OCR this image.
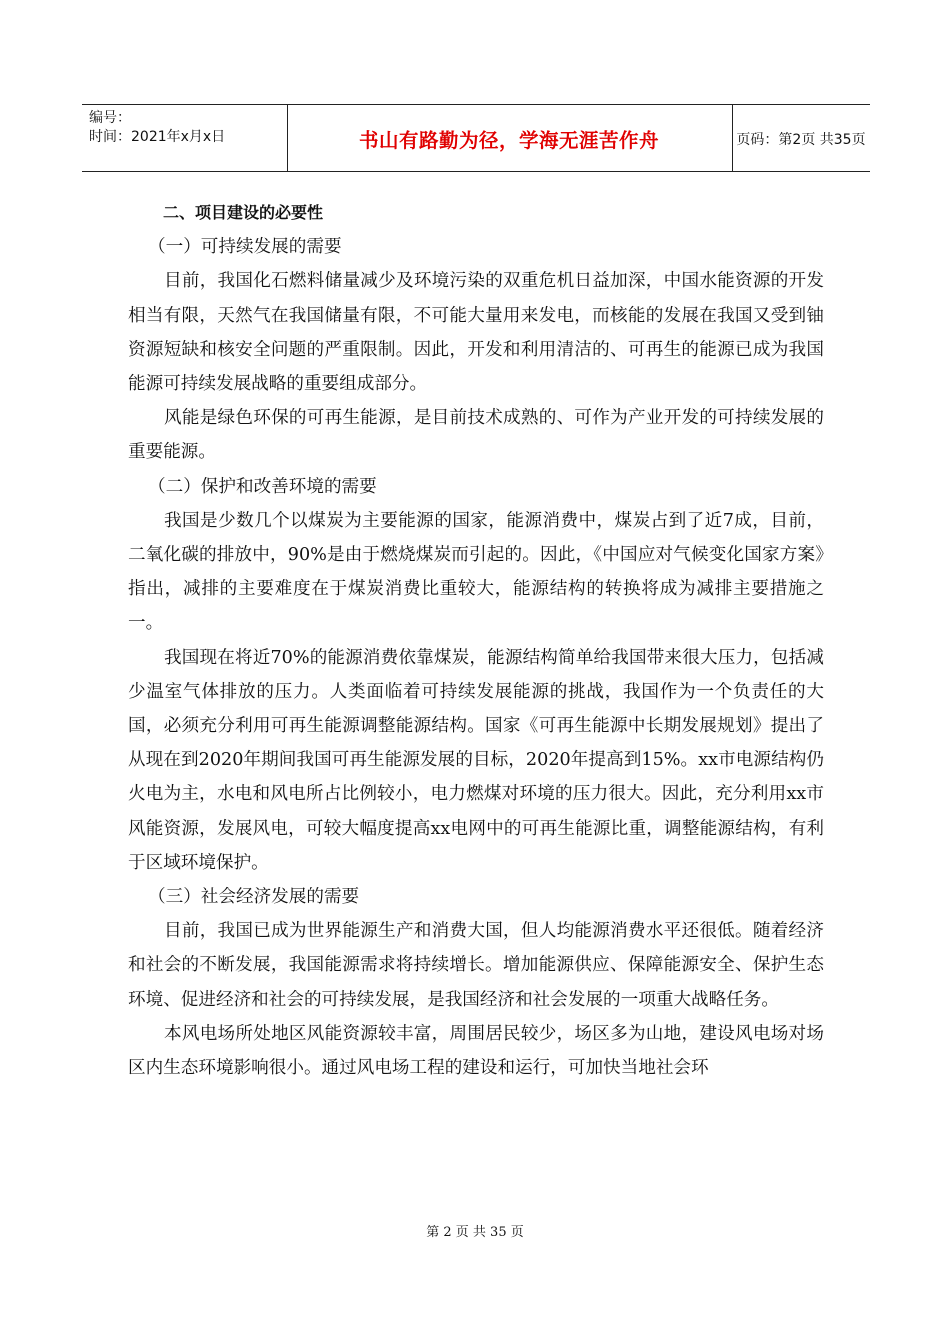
编号：
时间：2021年x月x日	书山有路勤为径，学海无涯苦作舟	页码：第2页 共35页

二、项目建设的必要性

（一）可持续发展的需要

目前，我国化石燃料储量减少及环境污染的双重危机日益加深，中国水能资源的开发相当有限，天然气在我国储量有限，不可能大量用来发电，而核能的发展在我国又受到铀资源短缺和核安全问题的严重限制。因此，开发和利用清洁的、可再生的能源已成为我国能源可持续发展战略的重要组成部分。

风能是绿色环保的可再生能源，是目前技术成熟的、可作为产业开发的可持续发展的重要能源。

（二）保护和改善环境的需要

我国是少数几个以煤炭为主要能源的国家，能源消费中，煤炭占到了近7成，目前，二氧化碳的排放中，90%是由于燃烧煤炭而引起的。因此，《中国应对气候变化国家方案》指出，减排的主要难度在于煤炭消费比重较大，能源结构的转换将成为减排主要措施之一。

我国现在将近70%的能源消费依靠煤炭，能源结构简单给我国带来很大压力，包括减少温室气体排放的压力。人类面临着可持续发展能源的挑战，我国作为一个负责任的大国，必须充分利用可再生能源调整能源结构。国家《可再生能源中长期发展规划》提出了从现在到2020年期间我国可再生能源发展的目标，2020年提高到15%。xx市电源结构仍火电为主，水电和风电所占比例较小，电力燃煤对环境的压力很大。因此，充分利用xx市风能资源，发展风电，可较大幅度提高xx电网中的可再生能源比重，调整能源结构，有利于区域环境保护。

（三）社会经济发展的需要

目前，我国已成为世界能源生产和消费大国，但人均能源消费水平还很低。随着经济和社会的不断发展，我国能源需求将持续增长。增加能源供应、保障能源安全、保护生态环境、促进经济和社会的可持续发展，是我国经济和社会发展的一项重大战略任务。

本风电场所处地区风能资源较丰富，周围居民较少，场区多为山地，建设风电场对场区内生态环境影响很小。通过风电场工程的建设和运行，可加快当地社会环

第 2 页 共 35 页
